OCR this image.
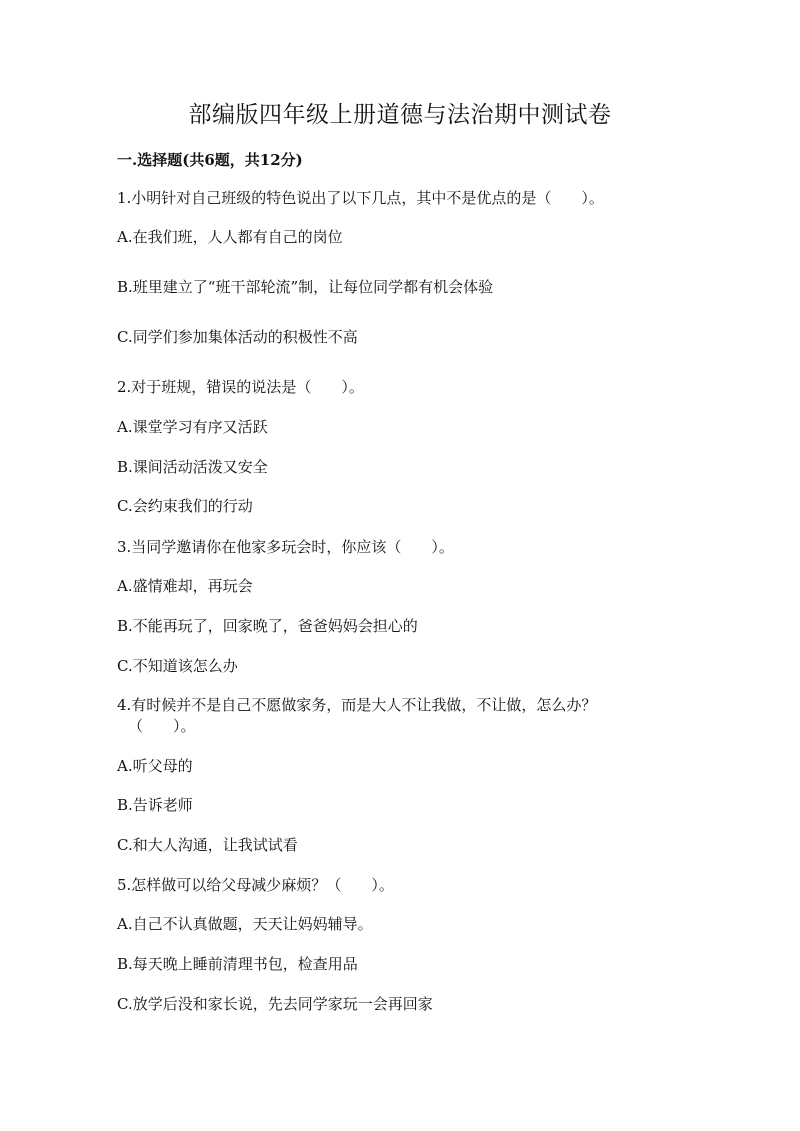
部编版四年级上册道德与法治期中测试卷
一.选择题(共6题，共12分)
1.小明针对自己班级的特色说出了以下几点，其中不是优点的是（　　）。
A.在我们班，人人都有自己的岗位
B.班里建立了“班干部轮流”制，让每位同学都有机会体验
C.同学们参加集体活动的积极性不高
2.对于班规，错误的说法是（　　）。
A.课堂学习有序又活跃
B.课间活动活泼又安全
C.会约束我们的行动
3.当同学邀请你在他家多玩会时，你应该（　　）。
A.盛情难却，再玩会
B.不能再玩了，回家晚了，爸爸妈妈会担心的
C.不知道该怎么办
4.有时候并不是自己不愿做家务，而是大人不让我做，不让做，怎么办？
（　　）。
A.听父母的
B.告诉老师
C.和大人沟通，让我试试看
5.怎样做可以给父母减少麻烦？（　　）。
A.自己不认真做题，天天让妈妈辅导。
B.每天晚上睡前清理书包，检查用品
C.放学后没和家长说，先去同学家玩一会再回家
